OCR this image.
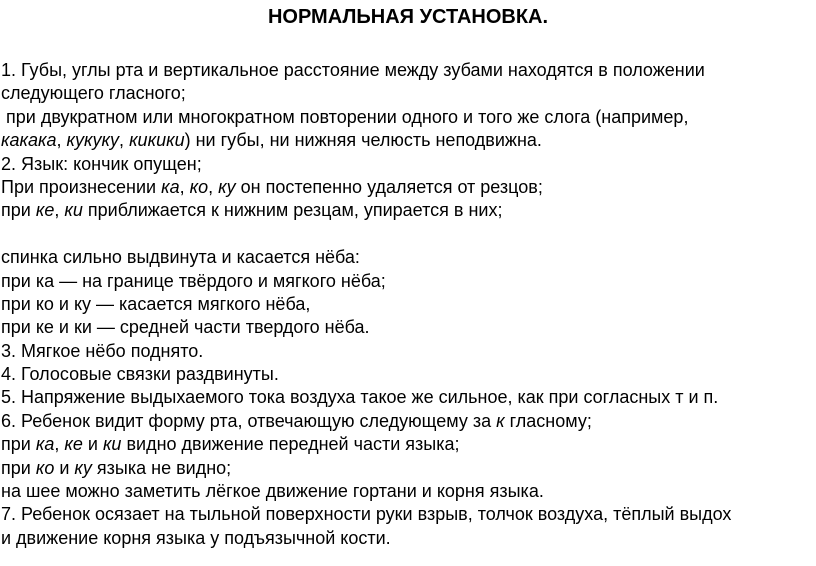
НОРМАЛЬНАЯ УСТАНОВКА.
1. Губы, углы рта и вертикальное расстояние между зубами находятся в положении
следующего гласного;
при двукратном или многократном повторении одного и того же слога (например,
какака, кукуку, кикики) ни губы, ни нижняя челюсть неподвижна.
2. Язык: кончик опущен;
При произнесении ка, ко, ку он постепенно удаляется от резцов;
при ке, ки приближается к нижним резцам, упирается в них;
спинка сильно выдвинута и касается нёба:
при ка — на границе твёрдого и мягкого нёба;
при ко и ку — касается мягкого нёба,
при ке и ки — средней части твердого нёба.
3. Мягкое нёбо поднято.
4. Голосовые связки раздвинуты.
5. Напряжение выдыхаемого тока воздуха такое же сильное, как при согласных т и п.
6. Ребенок видит форму рта, отвечающую следующему за к гласному;
при ка, ке и ки видно движение передней части языка;
при ко и ку языка не видно;
на шее можно заметить лёгкое движение гортани и корня языка.
7. Ребенок осязает на тыльной поверхности руки взрыв, толчок воздуха, тёплый выдох
и движение корня языка у подъязычной кости.
